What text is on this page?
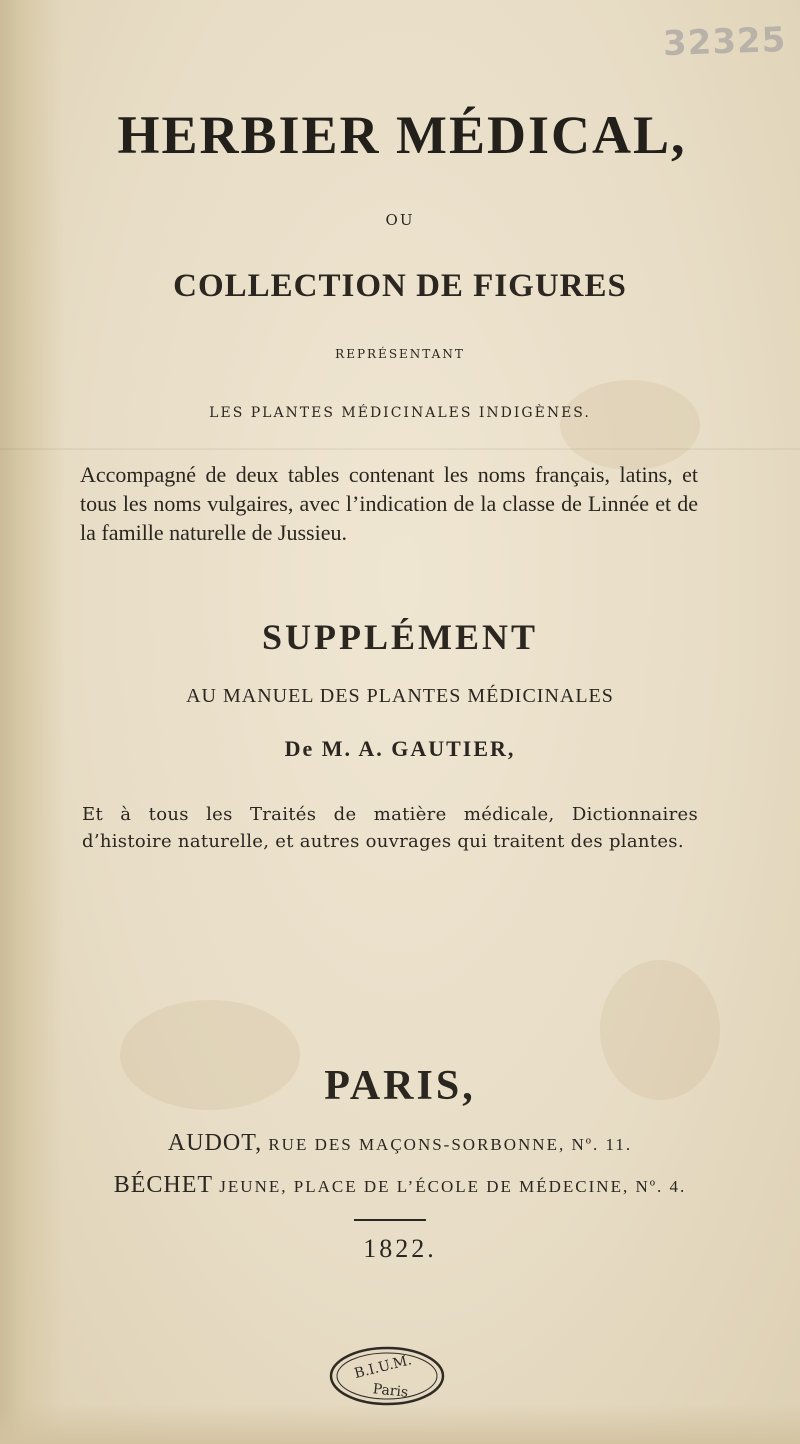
32325
HERBIER MÉDICAL,
OU
COLLECTION DE FIGURES
REPRÉSENTANT
LES PLANTES MÉDICINALES INDIGÈNES.
Accompagné de deux tables contenant les noms français, latins, et tous les noms vulgaires, avec l’indication de la classe de Linnée et de la famille naturelle de Jussieu.
SUPPLÉMENT
AU MANUEL DES PLANTES MÉDICINALES
De M. A. GAUTIER,
Et à tous les Traités de matière médicale, Dictionnaires d’histoire naturelle, et autres ouvrages qui traitent des plantes.
PARIS,
AUDOT, RUE DES MAÇONS-SORBONNE, Nº. 11.
BÉCHET JEUNE, PLACE DE L’ÉCOLE DE MÉDECINE, Nº. 4.
1822.
B.I.U.M.
Paris
